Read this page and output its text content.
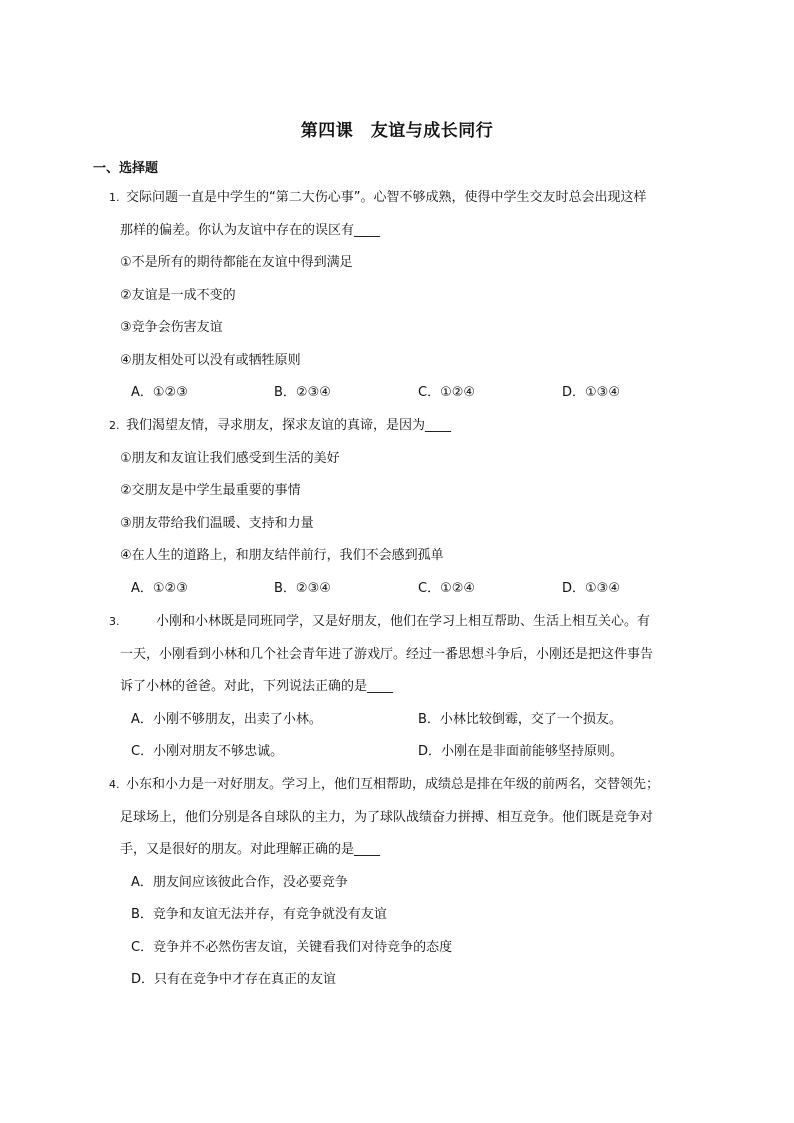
第四课　友谊与成长同行
一、选择题
1. 交际问题一直是中学生的“第二大伤心事”。心智不够成熟，使得中学生交友时总会出现这样
那样的偏差。你认为友谊中存在的误区有____
①不是所有的期待都能在友谊中得到满足
②友谊是一成不变的
③竞争会伤害友谊
④朋友相处可以没有或牺牲原则
A．①②③	B．②③④	C．①②④	D．①③④
2. 我们渴望友情，寻求朋友，探求友谊的真谛，是因为____
①朋友和友谊让我们感受到生活的美好
②交朋友是中学生最重要的事情
③朋友带给我们温暖、支持和力量
④在人生的道路上，和朋友结伴前行，我们不会感到孤单
A．①②③	B．②③④	C．①②④	D．①③④
3.	小刚和小林既是同班同学，又是好朋友，他们在学习上相互帮助、生活上相互关心。有
一天，小刚看到小林和几个社会青年进了游戏厅。经过一番思想斗争后，小刚还是把这件事告
诉了小林的爸爸。对此，下列说法正确的是____
A．小刚不够朋友，出卖了小林。	B．小林比较倒霉，交了一个损友。
C．小刚对朋友不够忠诚。	D．小刚在是非面前能够坚持原则。
4. 小东和小力是一对好朋友。学习上，他们互相帮助，成绩总是排在年级的前两名，交替领先；
足球场上，他们分别是各自球队的主力，为了球队战绩奋力拼搏、相互竞争。他们既是竞争对
手，又是很好的朋友。对此理解正确的是____
A．朋友间应该彼此合作，没必要竞争
B．竞争和友谊无法并存，有竞争就没有友谊
C．竞争并不必然伤害友谊，关键看我们对待竞争的态度
D．只有在竞争中才存在真正的友谊
